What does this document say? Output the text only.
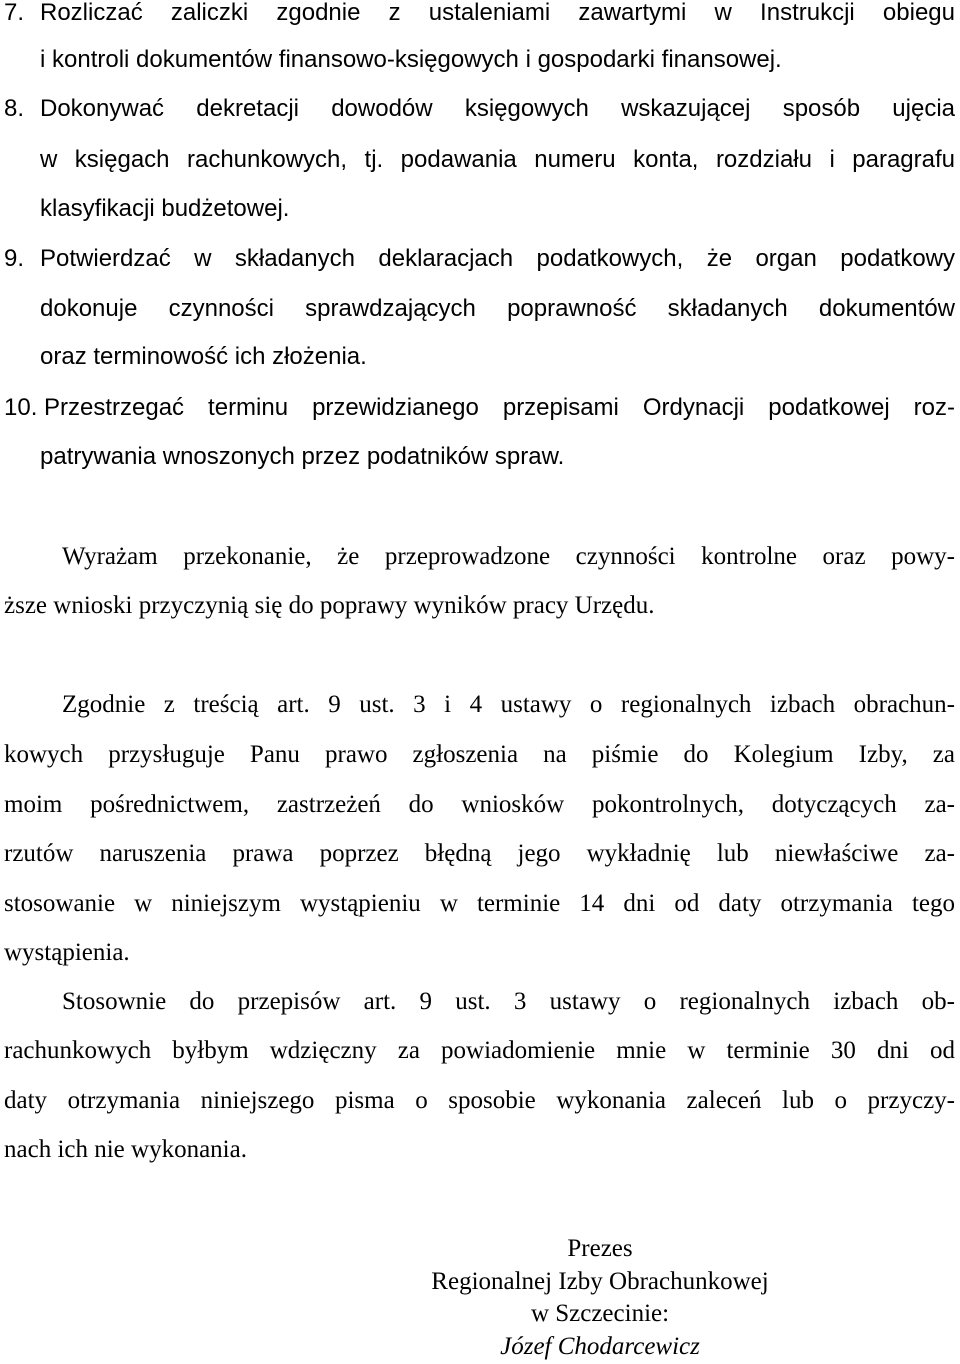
7. Rozliczać zaliczki zgodnie z ustaleniami zawartymi w Instrukcji obiegu
i kontroli dokumentów finansowo-księgowych i gospodarki finansowej.
8. Dokonywać dekretacji dowodów księgowych wskazującej sposób ujęcia
w księgach rachunkowych, tj. podawania numeru konta, rozdziału i paragrafu
klasyfikacji budżetowej.
9. Potwierdzać w składanych deklaracjach podatkowych, że organ podatkowy
dokonuje czynności sprawdzających poprawność składanych dokumentów
oraz terminowość ich złożenia.
10. Przestrzegać terminu przewidzianego przepisami Ordynacji podatkowej roz-
patrywania wnoszonych przez podatników spraw.
Wyrażam przekonanie, że przeprowadzone czynności kontrolne oraz powy-
ższe wnioski przyczynią się do poprawy wyników pracy Urzędu.
Zgodnie z treścią art. 9 ust. 3 i 4 ustawy o regionalnych izbach obrachun-
kowych przysługuje Panu prawo zgłoszenia na piśmie do Kolegium Izby, za
moim pośrednictwem, zastrzeżeń do wniosków pokontrolnych, dotyczących za-
rzutów naruszenia prawa poprzez błędną jego wykładnię lub niewłaściwe za-
stosowanie w niniejszym wystąpieniu w terminie 14 dni od daty otrzymania tego
wystąpienia.
Stosownie do przepisów art. 9 ust. 3 ustawy o regionalnych izbach ob-
rachunkowych byłbym wdzięczny za powiadomienie mnie w terminie 30 dni od
daty otrzymania niniejszego pisma o sposobie wykonania zaleceń lub o przyczy-
nach ich nie wykonania.
Prezes
Regionalnej Izby Obrachunkowej
w Szczecinie:
Józef Chodarcewicz
